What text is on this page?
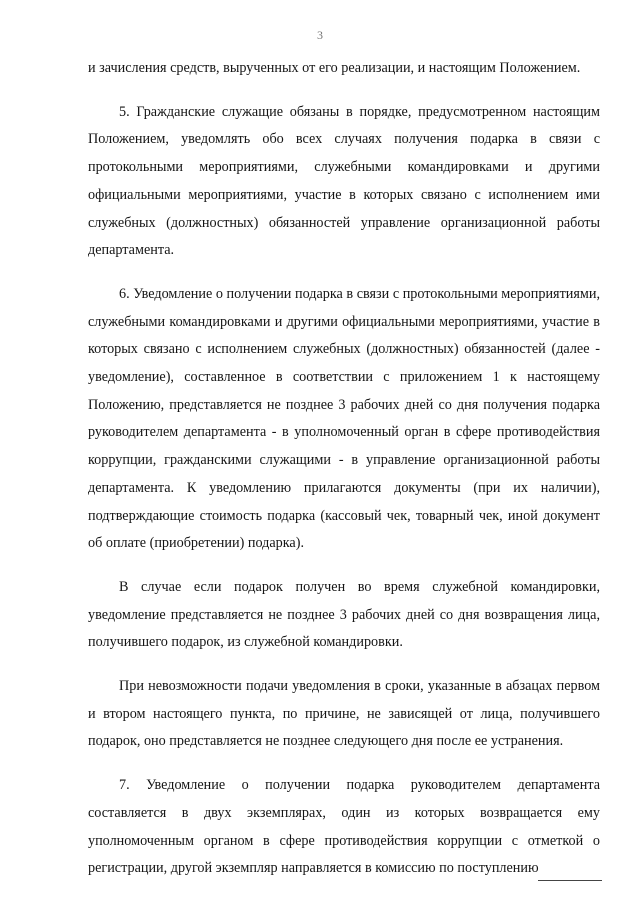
3

и зачисления средств, вырученных от его реализации, и настоящим Положением.

5. Гражданские служащие обязаны в порядке, предусмотренном настоящим Положением, уведомлять обо всех случаях получения подарка в связи с протокольными мероприятиями, служебными командировками и другими официальными мероприятиями, участие в которых связано с исполнением ими служебных (должностных) обязанностей управление организационной работы департамента.

6. Уведомление о получении подарка в связи с протокольными мероприятиями, служебными командировками и другими официальными мероприятиями, участие в которых связано с исполнением служебных (должностных) обязанностей (далее - уведомление), составленное в соответствии с приложением 1 к настоящему Положению, представляется не позднее 3 рабочих дней со дня получения подарка руководителем департамента - в уполномоченный орган в сфере противодействия коррупции, гражданскими служащими - в управление организационной работы департамента. К уведомлению прилагаются документы (при их наличии), подтверждающие стоимость подарка (кассовый чек, товарный чек, иной документ об оплате (приобретении) подарка).

В случае если подарок получен во время служебной командировки, уведомление представляется не позднее 3 рабочих дней со дня возвращения лица, получившего подарок, из служебной командировки.

При невозможности подачи уведомления в сроки, указанные в абзацах первом и втором настоящего пункта, по причине, не зависящей от лица, получившего подарок, оно представляется не позднее следующего дня после ее устранения.

7. Уведомление о получении подарка руководителем департамента составляется в двух экземплярах, один из которых возвращается ему уполномоченным органом в сфере противодействия коррупции с отметкой о регистрации, другой экземпляр направляется в комиссию по поступлению
